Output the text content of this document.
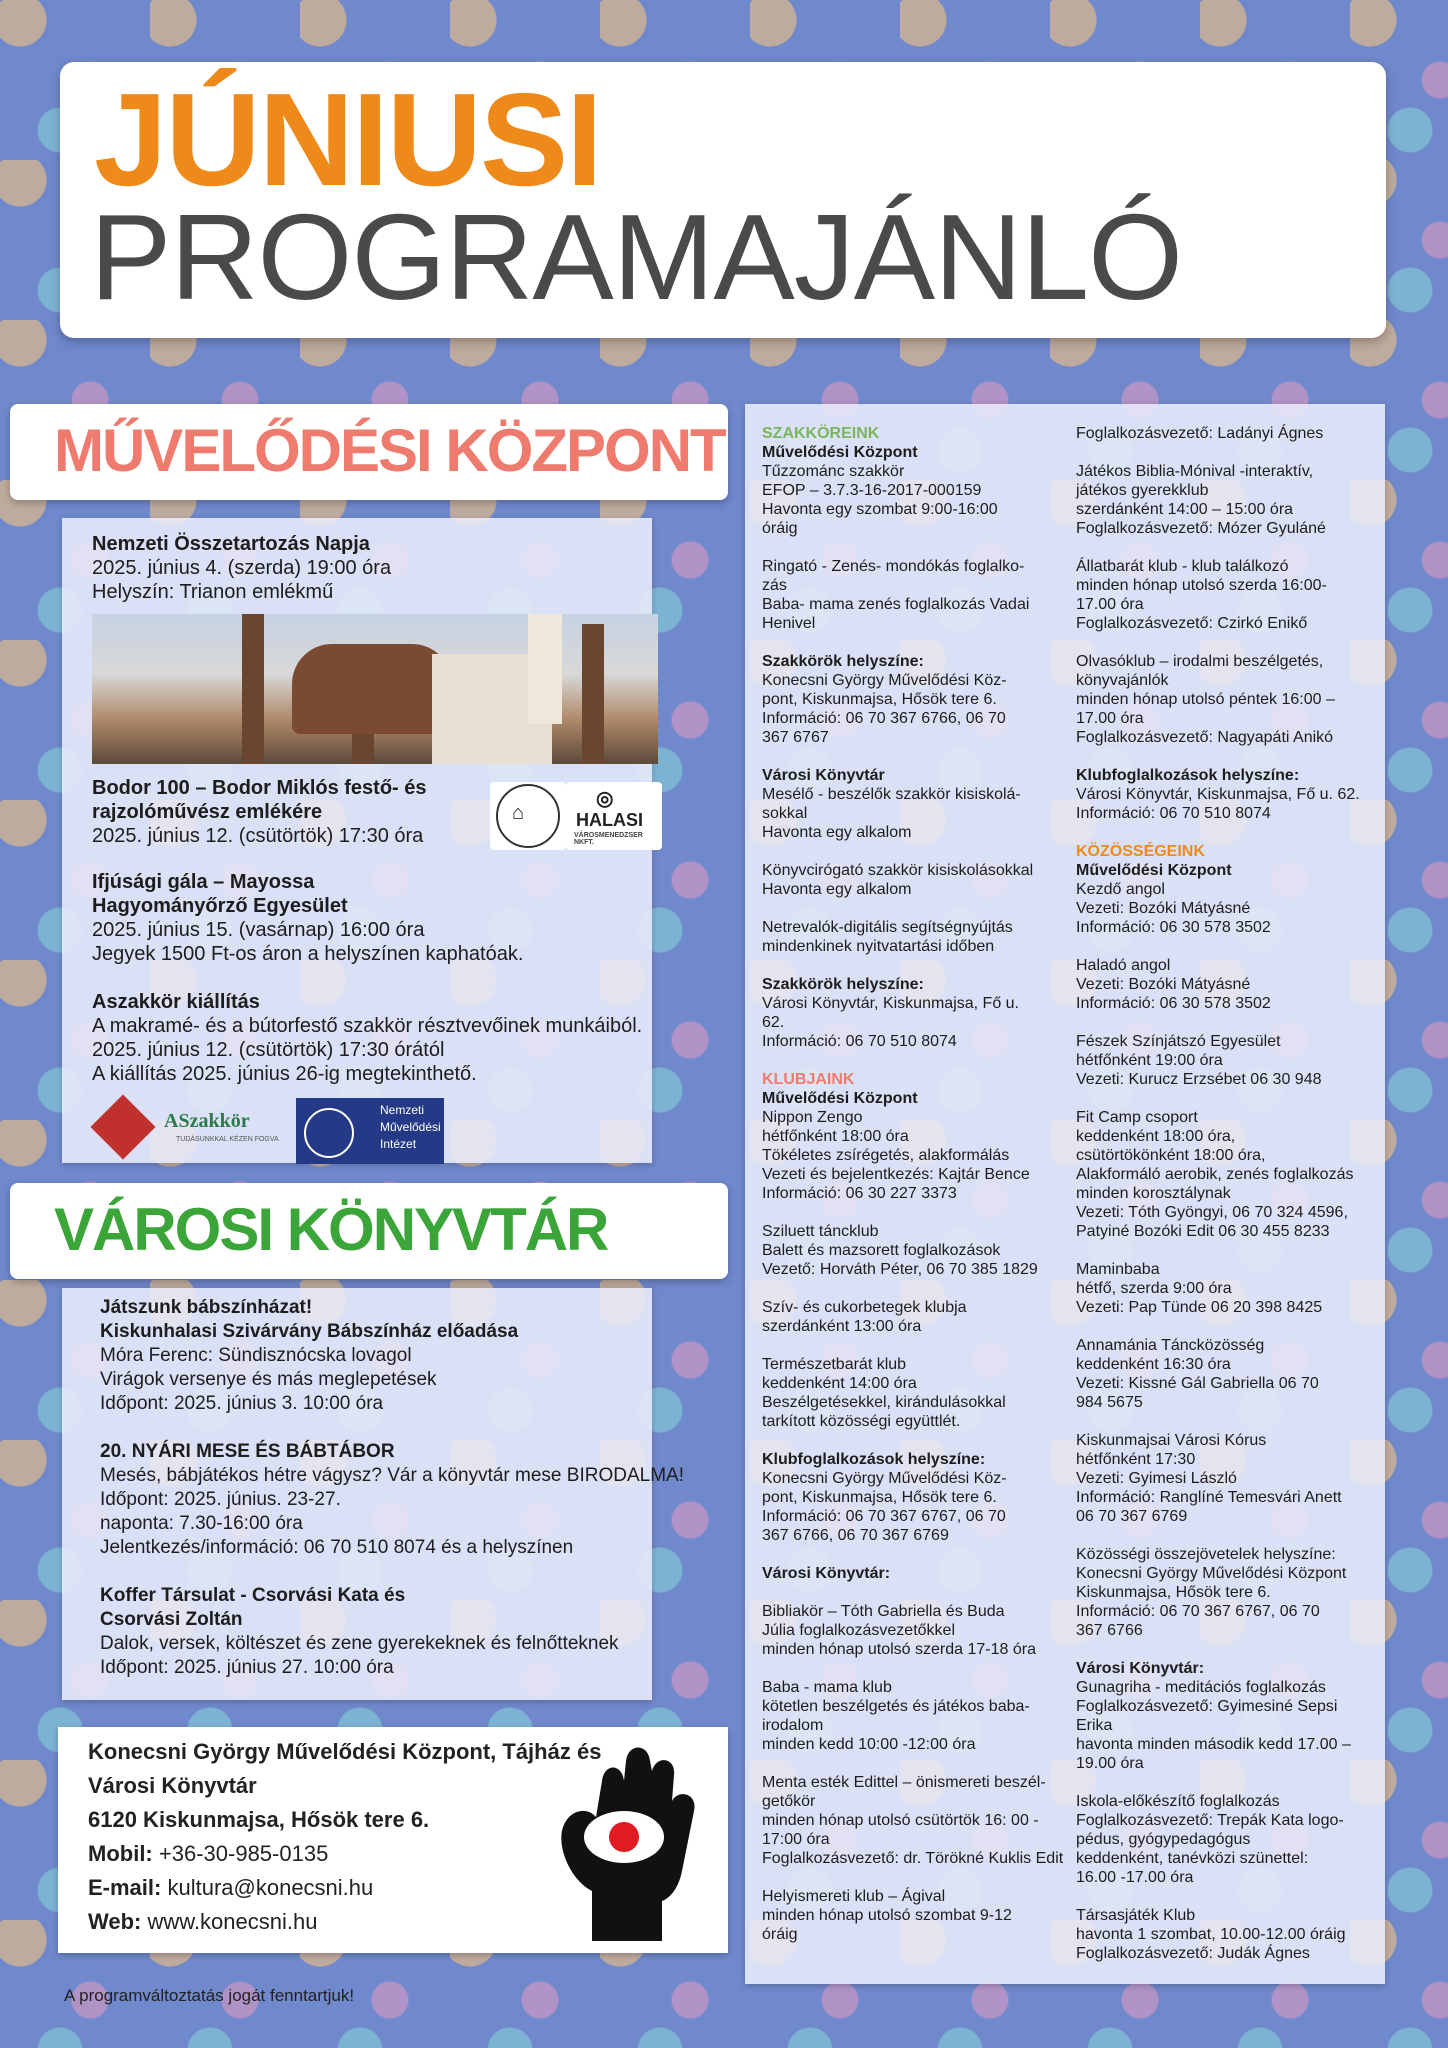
JÚNIUSI
PROGRAMAJÁNLÓ
MŰVELŐDÉSI KÖZPONT
Nemzeti Összetartozás Napja
2025. június 4. (szerda) 19:00 óra
Helyszín: Trianon emlékmű
Bodor 100 – Bodor Miklós festő- és
rajzolóművész emlékére
2025. június 12. (csütörtök) 17:30 óra
⌂
◎
HALASI
VÁROSMENEDZSER NKFT.
Ifjúsági gála – Mayossa
Hagyományőrző Egyesület
2025. június 15. (vasárnap) 16:00 óra
Jegyek 1500 Ft-os áron a helyszínen kaphatóak.
Aszakkör kiállítás
A makramé- és a bútorfestő szakkör résztvevőinek munkáiból.
2025. június 12. (csütörtök) 17:30 órától
A kiállítás 2025. június 26-ig megtekinthető.
ASzakkör
TUDÁSUNKKAL KÉZEN FOGVA
Nemzeti
Művelődési
Intézet
VÁROSI KÖNYVTÁR
Játszunk bábszínházat!
Kiskunhalasi Szivárvány Bábszínház előadása
Móra Ferenc: Sündisznócska lovagol
Virágok versenye és más meglepetések
Időpont: 2025. június 3. 10:00 óra
20. NYÁRI MESE ÉS BÁBTÁBOR
Mesés, bábjátékos hétre vágysz? Vár a könyvtár mese BIRODALMA!
Időpont: 2025. június. 23-27.
naponta: 7.30-16:00 óra
Jelentkezés/információ: 06 70 510 8074 és a helyszínen
Koffer Társulat - Csorvási Kata és
Csorvási Zoltán
Dalok, versek, költészet és zene gyerekeknek és felnőtteknek
Időpont: 2025. június 27. 10:00 óra
Konecsni György Művelődési Központ, Tájház és
Városi Könyvtár
6120 Kiskunmajsa, Hősök tere 6.
Mobil: +36-30-985-0135
E-mail: kultura@konecsni.hu
Web: www.konecsni.hu
A programváltoztatás jogát fenntartjuk!
SZAKKÖREINK
Művelődési Központ
Tűzzománc szakkör
EFOP – 3.7.3-16-2017-000159
Havonta egy szombat 9:00-16:00
óráig

Ringató - Zenés- mondókás foglalko-
zás
Baba- mama zenés foglalkozás Vadai
Henivel

Szakkörök helyszíne:
Konecsni György Művelődési Köz-
pont, Kiskunmajsa, Hősök tere 6.
Információ: 06 70 367 6766, 06 70
367 6767

Városi Könyvtár
Mesélő - beszélők szakkör kisiskolá-
sokkal
Havonta egy alkalom

Könyvcirógató szakkör kisiskolásokkal
Havonta egy alkalom

Netrevalók-digitális segítségnyújtás
mindenkinek nyitvatartási időben

Szakkörök helyszíne:
Városi Könyvtár, Kiskunmajsa, Fő u.
62.
Információ: 06 70 510 8074

KLUBJAINK
Művelődési Központ
Nippon Zengo
hétfőnként 18:00 óra
Tökéletes zsírégetés, alakformálás
Vezeti és bejelentkezés: Kajtár Bence
Információ: 06 30 227 3373

Sziluett táncklub
Balett és mazsorett foglalkozások
Vezető: Horváth Péter, 06 70 385 1829

Szív- és cukorbetegek klubja
szerdánként 13:00 óra

Természetbarát klub
keddenként 14:00 óra
Beszélgetésekkel, kirándulásokkal
tarkított közösségi együttlét.

Klubfoglalkozások helyszíne:
Konecsni György Művelődési Köz-
pont, Kiskunmajsa, Hősök tere 6.
Információ: 06 70 367 6767, 06 70
367 6766, 06 70 367 6769

Városi Könyvtár:

Bibliakör – Tóth Gabriella és Buda
Júlia foglalkozásvezetőkkel
minden hónap utolsó szerda 17-18 óra

Baba - mama klub
kötetlen beszélgetés és játékos baba-
irodalom
minden kedd 10:00 -12:00 óra

Menta esték Edittel – önismereti beszél-
getőkör
minden hónap utolsó csütörtök 16: 00 -
17:00 óra
Foglalkozásvezető: dr. Törökné Kuklis Edit

Helyismereti klub – Ágival
minden hónap utolsó szombat 9-12
óráig
Foglalkozásvezető: Ladányi Ágnes

Játékos Biblia-Mónival -interaktív,
játékos gyerekklub
szerdánként 14:00 – 15:00 óra
Foglalkozásvezető: Mózer Gyuláné

Állatbarát klub - klub találkozó
minden hónap utolsó szerda 16:00-
17.00 óra
Foglalkozásvezető: Czirkó Enikő

Olvasóklub – irodalmi beszélgetés,
könyvajánlók
minden hónap utolsó péntek 16:00 –
17.00 óra
Foglalkozásvezető: Nagyapáti Anikó

Klubfoglalkozások helyszíne:
Városi Könyvtár, Kiskunmajsa, Fő u. 62.
Információ: 06 70 510 8074

KÖZÖSSÉGEINK
Művelődési Központ
Kezdő angol
Vezeti: Bozóki Mátyásné
Információ: 06 30 578 3502

Haladó angol
Vezeti: Bozóki Mátyásné
Információ: 06 30 578 3502

Fészek Színjátszó Egyesület
hétfőnként 19:00 óra
Vezeti: Kurucz Erzsébet 06 30 948

Fit Camp csoport
keddenként 18:00 óra,
csütörtökönként 18:00 óra,
Alakformáló aerobik, zenés foglalkozás
minden korosztálynak
Vezeti: Tóth Gyöngyi, 06 70 324 4596,
Patyiné Bozóki Edit 06 30 455 8233

Maminbaba
hétfő, szerda 9:00 óra
Vezeti: Pap Tünde 06 20 398 8425

Annamánia Táncközösség
keddenként 16:30 óra
Vezeti: Kissné Gál Gabriella 06 70
984 5675

Kiskunmajsai Városi Kórus
hétfőnként 17:30
Vezeti: Gyimesi László
Információ: Ranglíné Temesvári Anett
06 70 367 6769

Közösségi összejövetelek helyszíne:
Konecsni György Művelődési Központ
Kiskunmajsa, Hősök tere 6.
Információ: 06 70 367 6767, 06 70
367 6766

Városi Könyvtár:
Gunagriha - meditációs foglalkozás
Foglalkozásvezető: Gyimesiné Sepsi
Erika
havonta minden második kedd 17.00 –
19.00 óra

Iskola-előkészítő foglalkozás
Foglalkozásvezető: Trepák Kata logo-
pédus, gyógypedagógus
keddenként, tanévközi szünettel:
16.00 -17.00 óra

Társasjáték Klub
havonta 1 szombat, 10.00-12.00 óráig
Foglalkozásvezető: Judák Ágnes
